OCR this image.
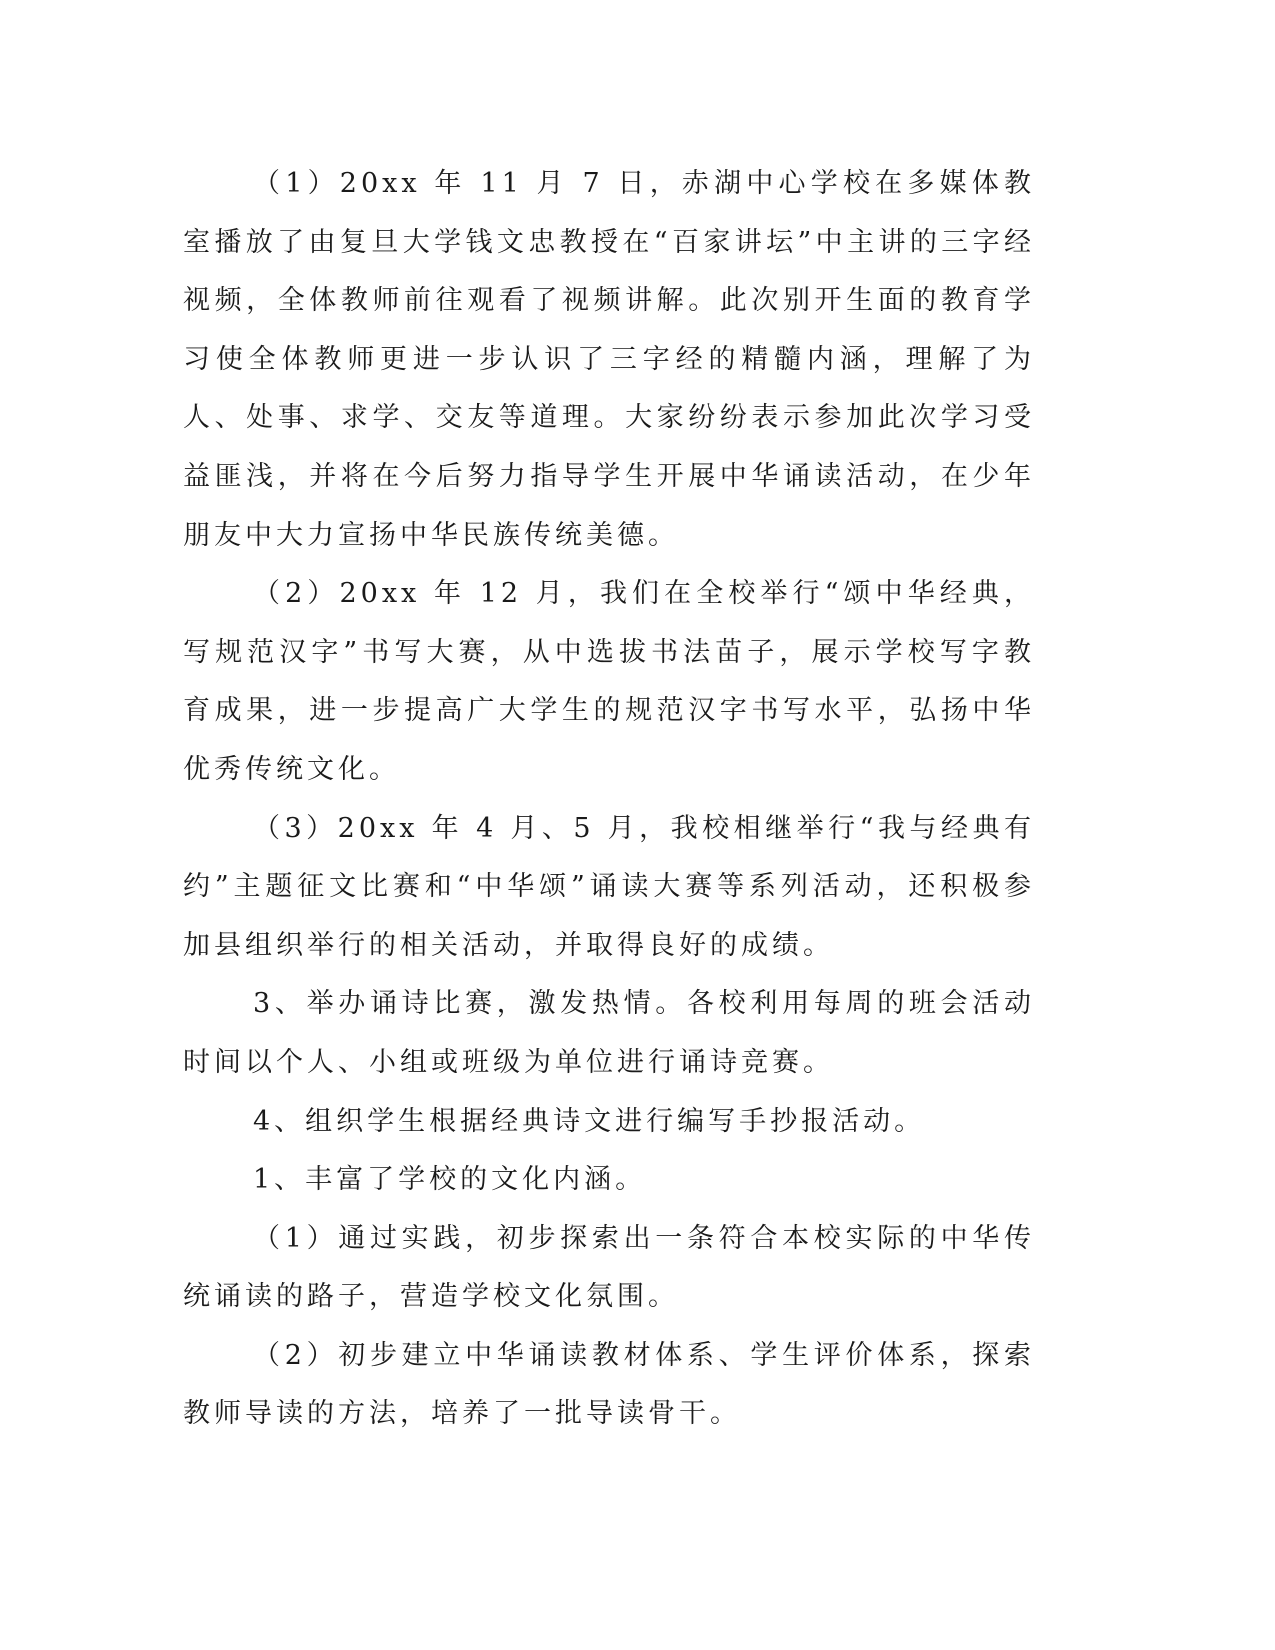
（1）20xx 年 11 月 7 日，赤湖中心学校在多媒体教室播放了由复旦大学钱文忠教授在“百家讲坛”中主讲的三字经视频，全体教师前往观看了视频讲解。此次别开生面的教育学习使全体教师更进一步认识了三字经的精髓内涵，理解了为人、处事、求学、交友等道理。大家纷纷表示参加此次学习受益匪浅，并将在今后努力指导学生开展中华诵读活动，在少年朋友中大力宣扬中华民族传统美德。

（2）20xx 年 12 月，我们在全校举行“颂中华经典，写规范汉字”书写大赛，从中选拔书法苗子，展示学校写字教育成果，进一步提高广大学生的规范汉字书写水平，弘扬中华优秀传统文化。

（3）20xx 年 4 月、5 月，我校相继举行“我与经典有约”主题征文比赛和“中华颂”诵读大赛等系列活动，还积极参加县组织举行的相关活动，并取得良好的成绩。

3、举办诵诗比赛，激发热情。各校利用每周的班会活动时间以个人、小组或班级为单位进行诵诗竞赛。

4、组织学生根据经典诗文进行编写手抄报活动。

1、丰富了学校的文化内涵。

（1）通过实践，初步探索出一条符合本校实际的中华传统诵读的路子，营造学校文化氛围。

（2）初步建立中华诵读教材体系、学生评价体系，探索教师导读的方法，培养了一批导读骨干。
